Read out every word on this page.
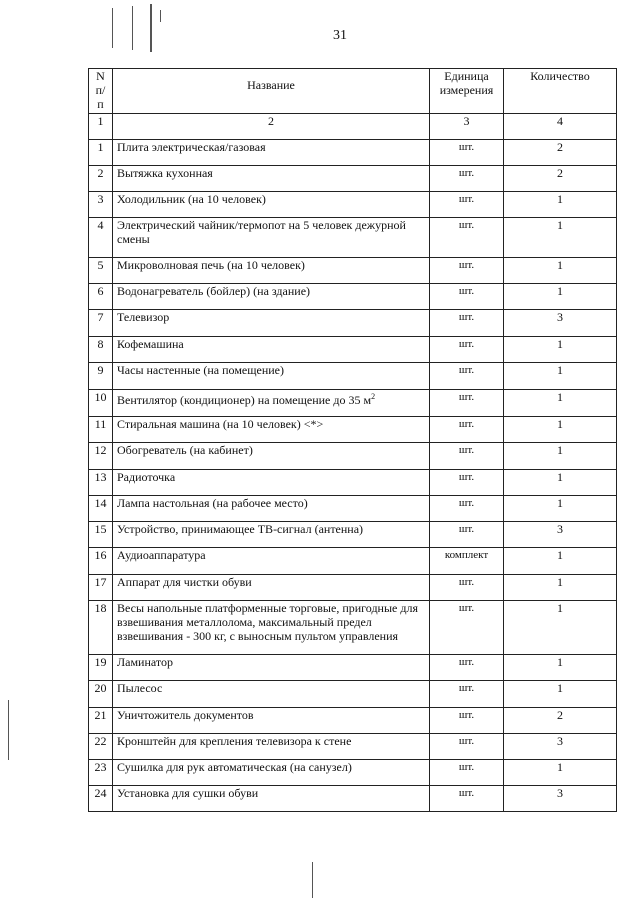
31
N п/п	Название	Единица измерения	Количество
1	2	3	4
1	Плита электрическая/газовая	шт.	2
2	Вытяжка кухонная	шт.	2
3	Холодильник (на 10 человек)	шт.	1
4	Электрический чайник/термопот на 5 человек дежурной смены	шт.	1
5	Микроволновая печь (на 10 человек)	шт.	1
6	Водонагреватель (бойлер) (на здание)	шт.	1
7	Телевизор	шт.	3
8	Кофемашина	шт.	1
9	Часы настенные (на помещение)	шт.	1
10	Вентилятор (кондиционер) на помещение до 35 $м^2$	шт.	1
11	Стиральная машина (на 10 человек) <*>	шт.	1
12	Обогреватель (на кабинет)	шт.	1
13	Радиоточка	шт.	1
14	Лампа настольная (на рабочее место)	шт.	1
15	Устройство, принимающее ТВ-сигнал (антенна)	шт.	3
16	Аудиоаппаратура	комплект	1
17	Аппарат для чистки обуви	шт.	1
18	Весы напольные платформенные торговые, пригодные для взвешивания металлолома, максимальный предел взвешивания - 300 кг, с выносным пультом управления	шт.	1
19	Ламинатор	шт.	1
20	Пылесос	шт.	1
21	Уничтожитель документов	шт.	2
22	Кронштейн для крепления телевизора к стене	шт.	3
23	Сушилка для рук автоматическая (на санузел)	шт.	1
24	Установка для сушки обуви	шт.	3
